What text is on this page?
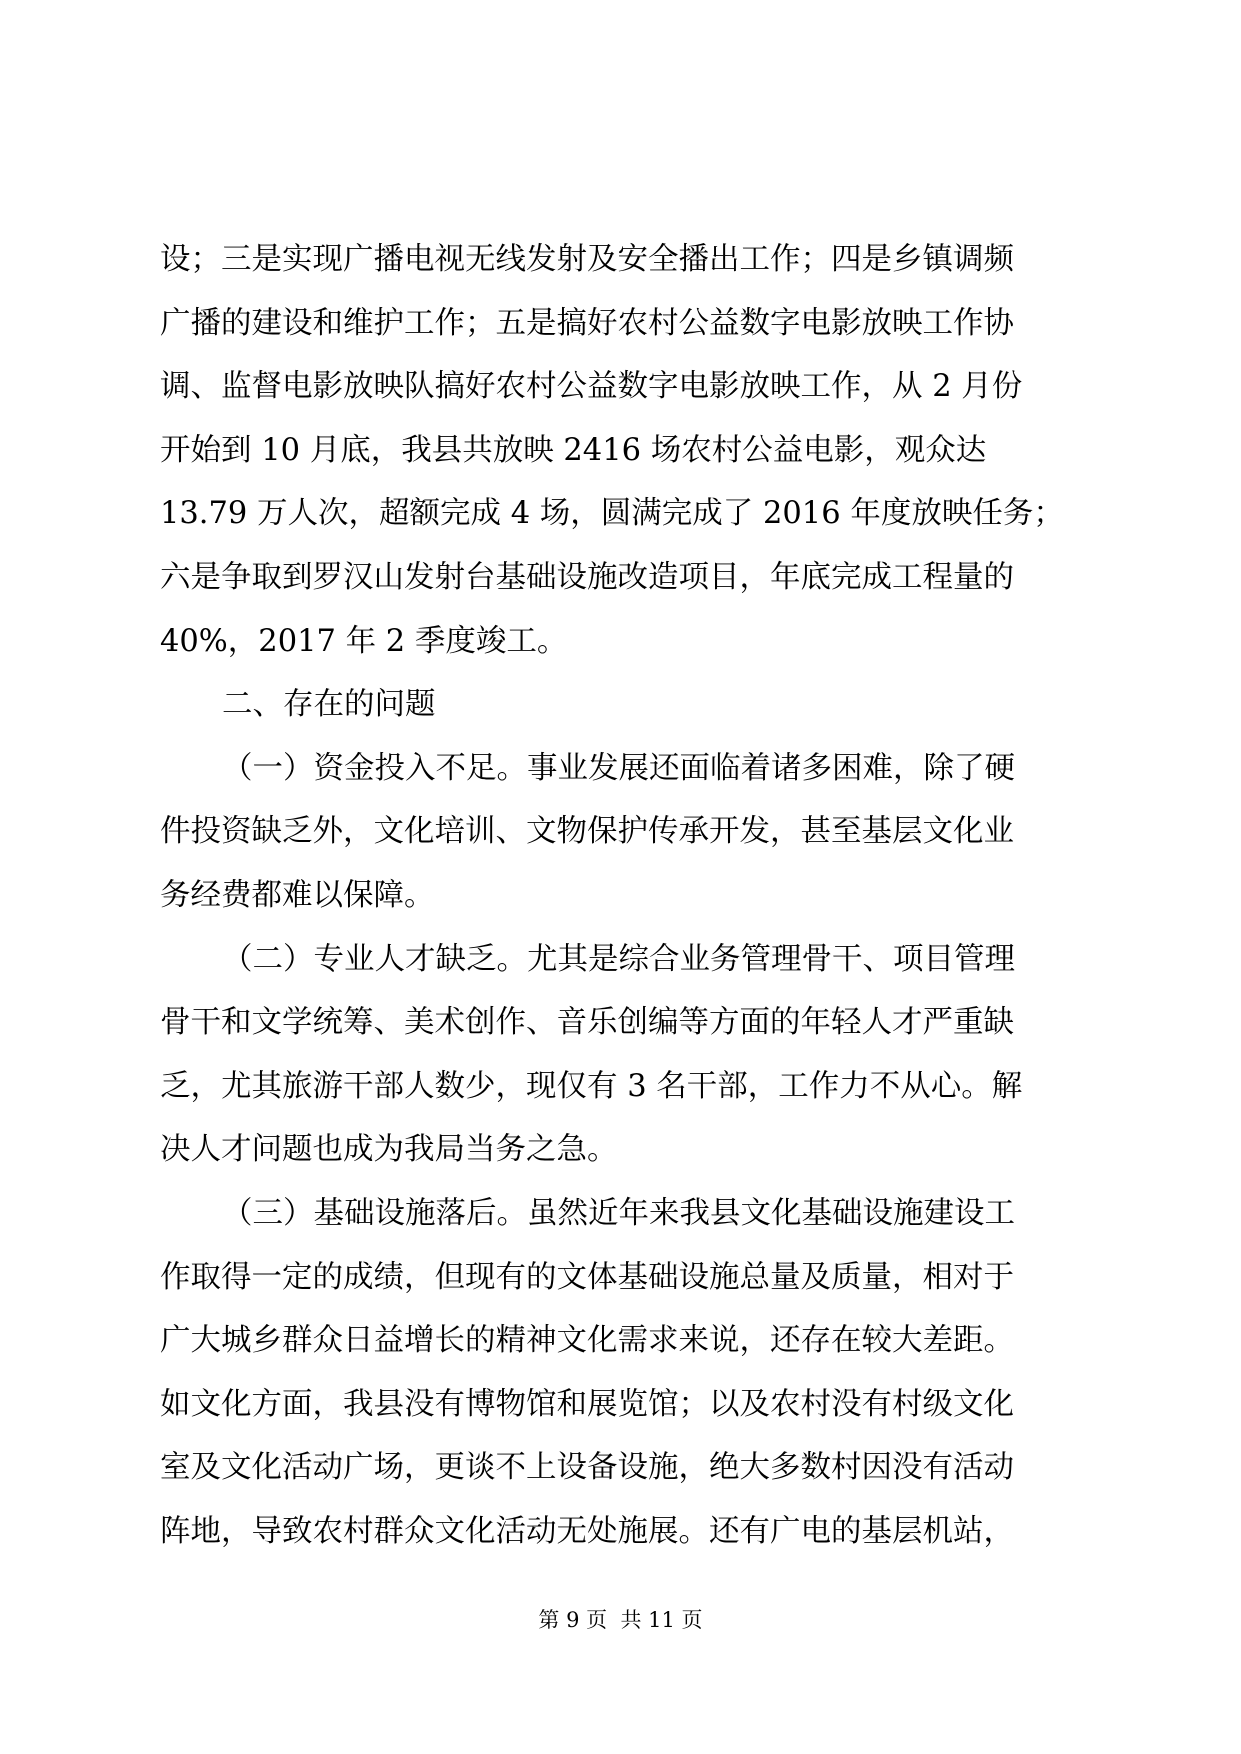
设；三是实现广播电视无线发射及安全播出工作；四是乡镇调频
广播的建设和维护工作；五是搞好农村公益数字电影放映工作协
调、监督电影放映队搞好农村公益数字电影放映工作，从 2 月份
开始到 10 月底，我县共放映 2416 场农村公益电影，观众达
13.79 万人次，超额完成 4 场，圆满完成了 2016 年度放映任务；
六是争取到罗汉山发射台基础设施改造项目，年底完成工程量的
40%，2017 年 2 季度竣工。
二、存在的问题
（一）资金投入不足。事业发展还面临着诸多困难，除了硬
件投资缺乏外，文化培训、文物保护传承开发，甚至基层文化业
务经费都难以保障。
（二）专业人才缺乏。尤其是综合业务管理骨干、项目管理
骨干和文学统筹、美术创作、音乐创编等方面的年轻人才严重缺
乏，尤其旅游干部人数少，现仅有 3 名干部，工作力不从心。解
决人才问题也成为我局当务之急。
（三）基础设施落后。虽然近年来我县文化基础设施建设工
作取得一定的成绩，但现有的文体基础设施总量及质量，相对于
广大城乡群众日益增长的精神文化需求来说，还存在较大差距。
如文化方面，我县没有博物馆和展览馆；以及农村没有村级文化
室及文化活动广场，更谈不上设备设施，绝大多数村因没有活动
阵地，导致农村群众文化活动无处施展。还有广电的基层机站，
第 9 页  共 11 页
